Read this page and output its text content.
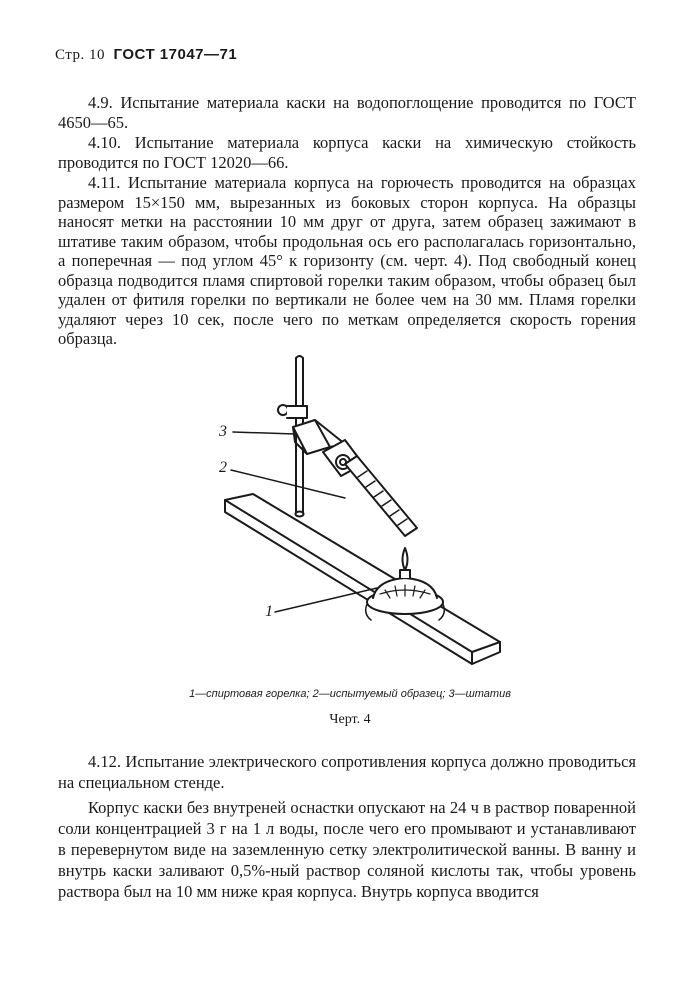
Стр. 10 ГОСТ 17047—71

4.9. Испытание материала каски на водопоглощение проводится по ГОСТ 4650—65.

4.10. Испытание материала корпуса каски на химическую стойкость проводится по ГОСТ 12020—66.

4.11. Испытание материала корпуса на горючесть проводится на образцах размером 15×150 мм, вырезанных из боковых сторон корпуса. На образцы наносят метки на расстоянии 10 мм друг от друга, затем образец зажимают в штативе таким образом, чтобы продольная ось его располагалась горизонтально, а поперечная — под углом 45° к горизонту (см. черт. 4). Под свободный конец образца подводится пламя спиртовой горелки таким образом, чтобы образец был удален от фитиля горелки по вертикали не более чем на 30 мм. Пламя горелки удаляют через 10 сек, после чего по меткам определяется скорость горения образца.

3
2
1
1—спиртовая горелка; 2—испытуемый образец; 3—штатив
Черт. 4

4.12. Испытание электрического сопротивления корпуса должно проводиться на специальном стенде.

Корпус каски без внутреней оснастки опускают на 24 ч в раствор поваренной соли концентрацией 3 г на 1 л воды, после чего его промывают и устанавливают в перевернутом виде на заземленную сетку электролитической ванны. В ванну и внутрь каски заливают 0,5%-ный раствор соляной кислоты так, чтобы уровень раствора был на 10 мм ниже края корпуса. Внутрь корпуса вводится
